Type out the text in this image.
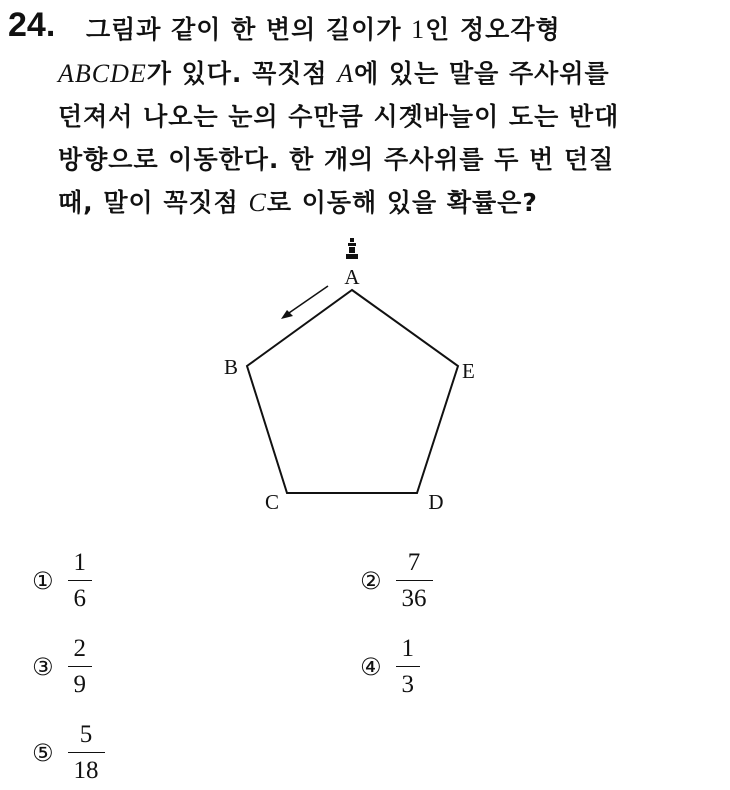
24. 그림과 같이 한 변의 길이가 1인 정오각형
ABCDE가 있다. 꼭짓점 A에 있는 말을 주사위를
던져서 나오는 눈의 수만큼 시곗바늘이 도는 반대
방향으로 이동한다. 한 개의 주사위를 두 번 던질
때, 말이 꼭짓점 C로 이동해 있을 확률은?
A
B
C	D
E
① $\frac{1}{6}$	② $\frac{7}{36}$
③ $\frac{2}{9}$	④ $\frac{1}{3}$
⑤ $\frac{5}{18}$
